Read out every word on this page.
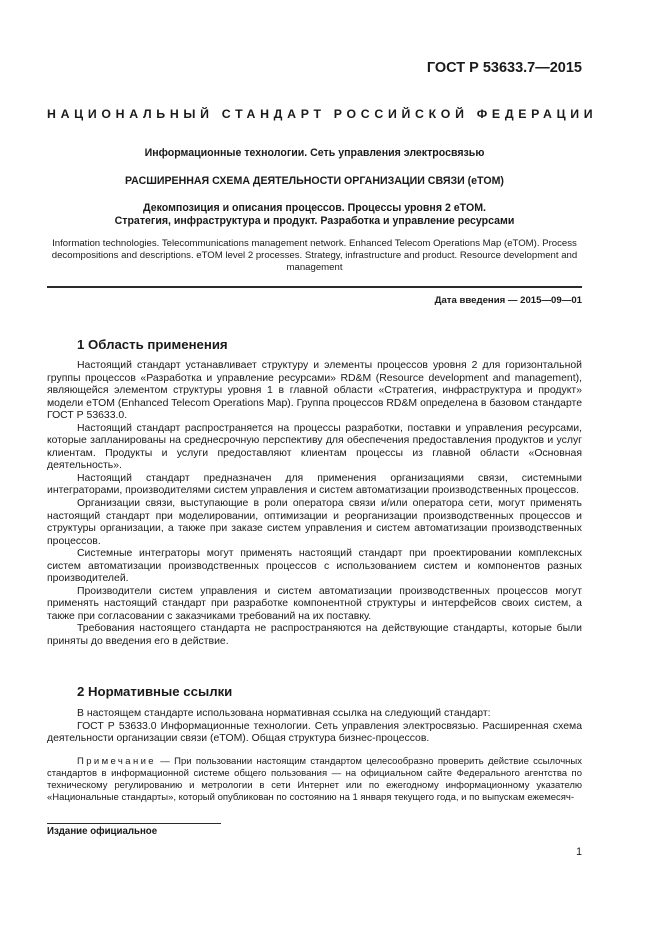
ГОСТ Р 53633.7—2015
НАЦИОНАЛЬНЫЙ СТАНДАРТ РОССИЙСКОЙ ФЕДЕРАЦИИ
Информационные технологии. Сеть управления электросвязью
РАСШИРЕННАЯ СХЕМА ДЕЯТЕЛЬНОСТИ ОРГАНИЗАЦИИ СВЯЗИ (eTOM)
Декомпозиция и описания процессов. Процессы уровня 2 eTOM.
Стратегия, инфраструктура и продукт. Разработка и управление ресурсами
Information technologies. Telecommunications management network. Enhanced Telecom Operations Map (eTOM). Process decompositions and descriptions. eTOM level 2 processes. Strategy, infrastructure and product. Resource development and management
Дата введения — 2015—09—01
1 Область применения

Настоящий стандарт устанавливает структуру и элементы процессов уровня 2 для горизонтальной группы процессов «Разработка и управление ресурсами» RD&M (Resource development and management), являющейся элементом структуры уровня 1 в главной области «Стратегия, инфраструктура и продукт» модели eTOM (Enhanced Telecom Operations Map). Группа процессов RD&M определена в базовом стандарте ГОСТ Р 53633.0.

Настоящий стандарт распространяется на процессы разработки, поставки и управления ресурсами, которые запланированы на среднесрочную перспективу для обеспечения предоставления продуктов и услуг клиентам. Продукты и услуги предоставляют клиентам процессы из главной области «Основная деятельность».

Настоящий стандарт предназначен для применения организациями связи, системными интеграторами, производителями систем управления и систем автоматизации производственных процессов.

Организации связи, выступающие в роли оператора связи и/или оператора сети, могут применять настоящий стандарт при моделировании, оптимизации и реорганизации производственных процессов и структуры организации, а также при заказе систем управления и систем автоматизации производственных процессов.

Системные интеграторы могут применять настоящий стандарт при проектировании комплексных систем автоматизации производственных процессов с использованием систем и компонентов разных производителей.

Производители систем управления и систем автоматизации производственных процессов могут применять настоящий стандарт при разработке компонентной структуры и интерфейсов своих систем, а также при согласовании с заказчиками требований на их поставку.

Требования настоящего стандарта не распространяются на действующие стандарты, которые были приняты до введения его в действие.

2 Нормативные ссылки

В настоящем стандарте использована нормативная ссылка на следующий стандарт:

ГОСТ Р 53633.0 Информационные технологии. Сеть управления электросвязью. Расширенная схема деятельности организации связи (eTOM). Общая структура бизнес-процессов.

Примечание — При пользовании настоящим стандартом целесообразно проверить действие ссылочных стандартов в информационной системе общего пользования — на официальном сайте Федерального агентства по техническому регулированию и метрологии в сети Интернет или по ежегодному информационному указателю «Национальные стандарты», который опубликован по состоянию на 1 января текущего года, и по выпускам ежемесяч-

Издание официальное
1
